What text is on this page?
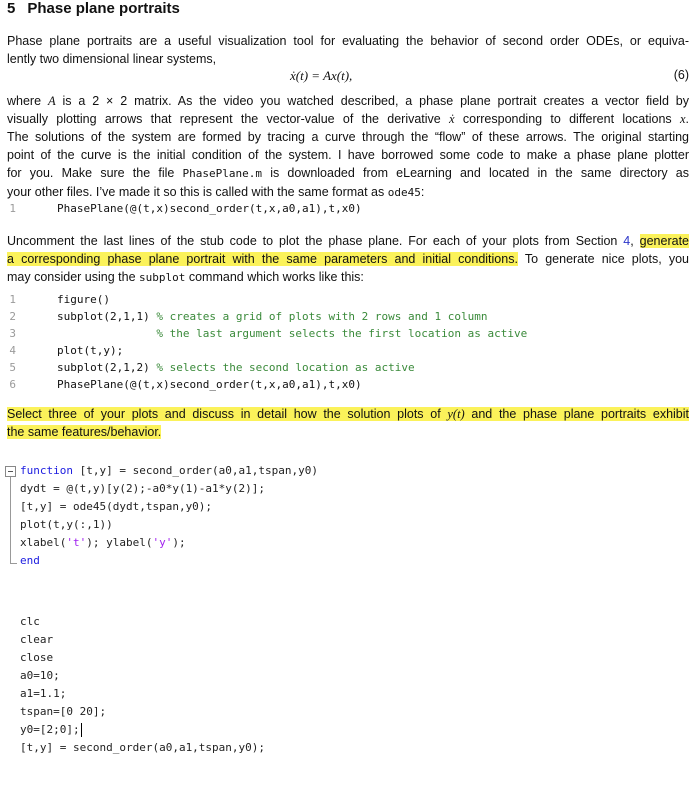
5 Phase plane portraits
Phase plane portraits are a useful visualization tool for evaluating the behavior of second order ODEs, or equiva-
lently two dimensional linear systems,
ẋ(t) = Ax(t),	(6)
where A is a 2 × 2 matrix. As the video you watched described, a phase plane portrait creates a vector field by
visually plotting arrows that represent the vector-value of the derivative ẋ corresponding to different locations x.
The solutions of the system are formed by tracing a curve through the “flow” of these arrows. The original starting
point of the curve is the initial condition of the system. I have borrowed some code to make a phase plane plotter
for you. Make sure the file PhasePlane.m is downloaded from eLearning and located in the same directory as
your other files. I’ve made it so this is called with the same format as ode45:
1	PhasePlane(@(t,x)second_order(t,x,a0,a1),t,x0)
Uncomment the last lines of the stub code to plot the phase plane. For each of your plots from Section 4, generate
a corresponding phase plane portrait with the same parameters and initial conditions. To generate nice plots, you
may consider using the subplot command which works like this:
1	figure()
2	subplot(2,1,1) % creates a grid of plots with 2 rows and 1 column
3	% the last argument selects the first location as active
4	plot(t,y);
5	subplot(2,1,2) % selects the second location as active
6	PhasePlane(@(t,x)second_order(t,x,a0,a1),t,x0)
Select three of your plots and discuss in detail how the solution plots of y(t) and the phase plane portraits exhibit
the same features/behavior.
function [t,y] = second_order(a0,a1,tspan,y0)
dydt = @(t,y)[y(2);-a0*y(1)-a1*y(2)];
[t,y] = ode45(dydt,tspan,y0);
plot(t,y(:,1))
xlabel('t'); ylabel('y');
end
clc
clear
close
a0=10;
a1=1.1;
tspan=[0 20];
y0=[2;0];
[t,y] = second_order(a0,a1,tspan,y0);
